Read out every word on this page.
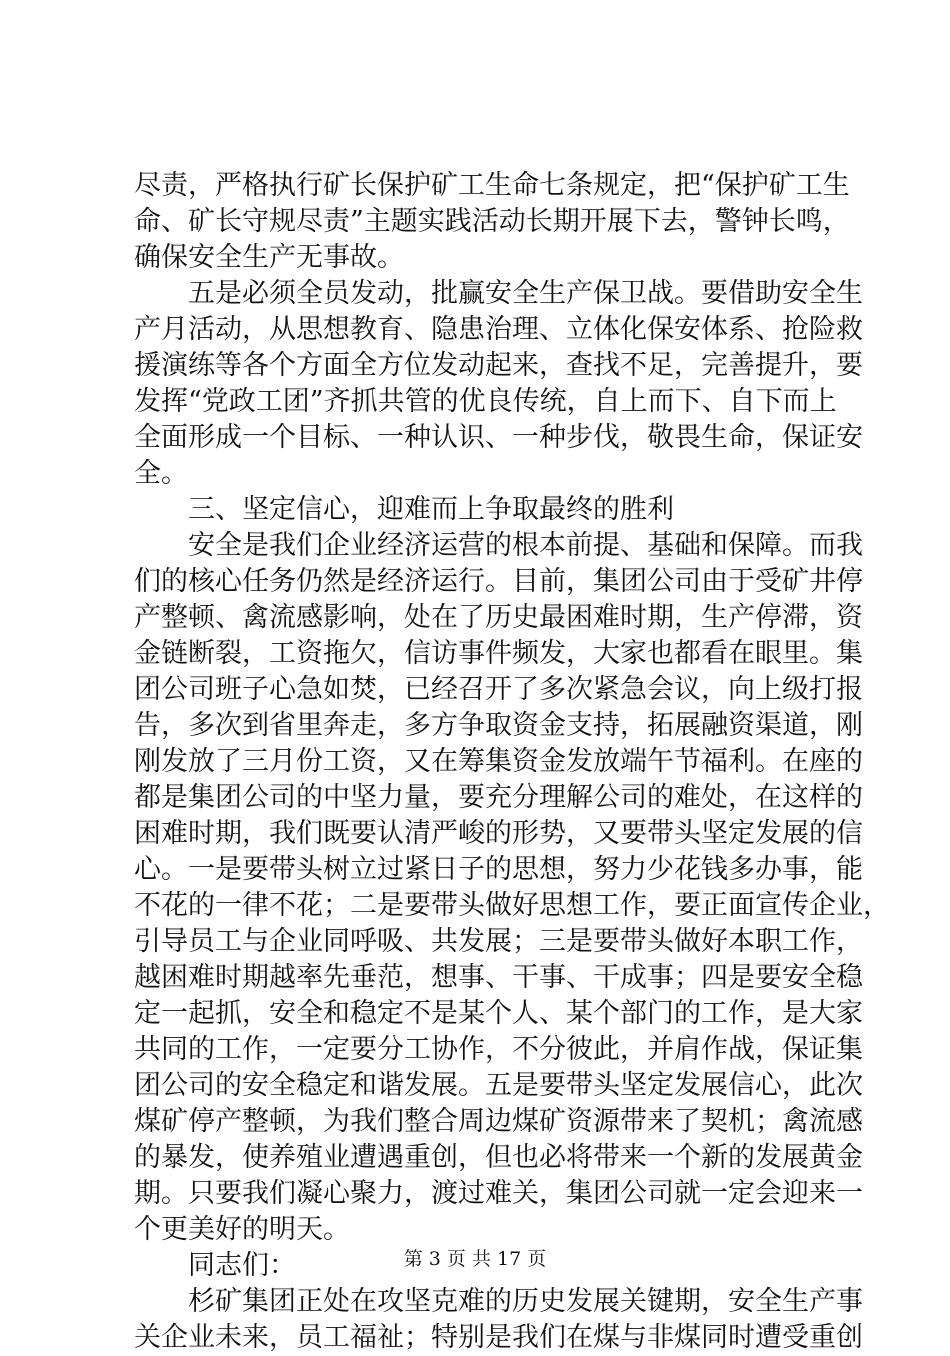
尽责，严格执行矿长保护矿工生命七条规定，把“保护矿工生
命、矿长守规尽责”主题实践活动长期开展下去，警钟长鸣，
确保安全生产无事故。
五是必须全员发动，批赢安全生产保卫战。要借助安全生
产月活动，从思想教育、隐患治理、立体化保安体系、抢险救
援演练等各个方面全方位发动起来，查找不足，完善提升，要
发挥“党政工团”齐抓共管的优良传统，自上而下、自下而上
全面形成一个目标、一种认识、一种步伐，敬畏生命，保证安
全。
三、坚定信心，迎难而上争取最终的胜利
安全是我们企业经济运营的根本前提、基础和保障。而我
们的核心任务仍然是经济运行。目前，集团公司由于受矿井停
产整顿、禽流感影响，处在了历史最困难时期，生产停滞，资
金链断裂，工资拖欠，信访事件频发，大家也都看在眼里。集
团公司班子心急如焚，已经召开了多次紧急会议，向上级打报
告，多次到省里奔走，多方争取资金支持，拓展融资渠道，刚
刚发放了三月份工资，又在筹集资金发放端午节福利。在座的
都是集团公司的中坚力量，要充分理解公司的难处，在这样的
困难时期，我们既要认清严峻的形势，又要带头坚定发展的信
心。一是要带头树立过紧日子的思想，努力少花钱多办事，能
不花的一律不花；二是要带头做好思想工作，要正面宣传企业，
引导员工与企业同呼吸、共发展；三是要带头做好本职工作，
越困难时期越率先垂范，想事、干事、干成事；四是要安全稳
定一起抓，安全和稳定不是某个人、某个部门的工作，是大家
共同的工作，一定要分工协作，不分彼此，并肩作战，保证集
团公司的安全稳定和谐发展。五是要带头坚定发展信心，此次
煤矿停产整顿，为我们整合周边煤矿资源带来了契机；禽流感
的暴发，使养殖业遭遇重创，但也必将带来一个新的发展黄金
期。只要我们凝心聚力，渡过难关，集团公司就一定会迎来一
个更美好的明天。
同志们：
杉矿集团正处在攻坚克难的历史发展关键期，安全生产事
关企业未来，员工福祉；特别是我们在煤与非煤同时遭受重创
第 3 页 共 17 页
